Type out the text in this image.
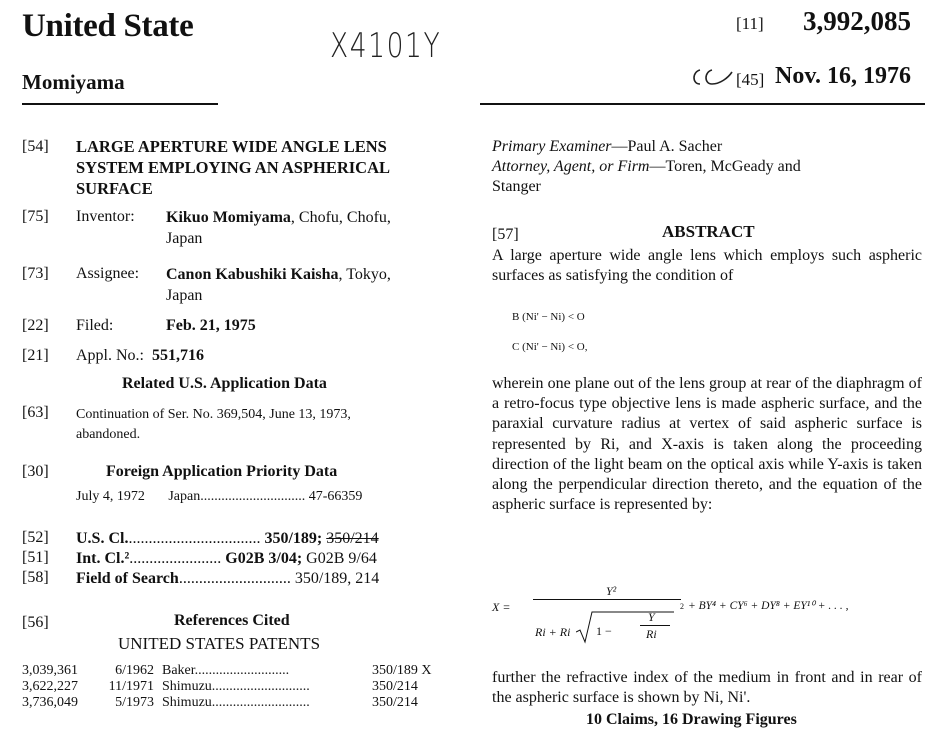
United State
Momiyama
X4101Y
[11] 3,992,085
[45] Nov. 16, 1976
[54] LARGE APERTURE WIDE ANGLE LENS
SYSTEM EMPLOYING AN ASPHERICAL
SURFACE
[75] Inventor: Kikuo Momiyama, Chofu, Chofu,
Japan
[73] Assignee: Canon Kabushiki Kaisha, Tokyo,
Japan
[22] Filed:	Feb. 21, 1975
[21] Appl. No.: 551,716
Related U.S. Application Data
[63] Continuation of Ser. No. 369,504, June 13, 1973,
abandoned.
[30]	Foreign Application Priority Data
July 4, 1972 Japan.............................. 47-66359
[52] U.S. Cl.................................. 350/189; 350/214
[51] Int. Cl.²....................... G02B 3/04; G02B 9/64
[58] Field of Search............................ 350/189, 214
[56]	References Cited
UNITED STATES PATENTS
3,039,361	6/1962	Baker...........................	350/189 X
3,622,227	11/1971	Shimuzu............................	350/214
3,736,049	5/1973	Shimuzu............................	350/214
Primary Examiner—Paul A. Sacher
Attorney, Agent, or Firm—Toren, McGeady and
Stanger
[57]	ABSTRACT
A large aperture wide angle lens which employs such aspheric surfaces as satisfying the condition of
B (Ni' − Ni) < O
C (Ni' − Ni) < O,
wherein one plane out of the lens group at rear of the diaphragm of a retro-focus type objective lens is made aspheric surface, and the paraxial curvature radius at vertex of said aspheric surface is represented by Ri, and X-axis is taken along the proceeding direction of the light beam on the optical axis while Y-axis is taken along the perpendicular direction thereto, and the equation of the aspheric surface is represented by:
X =
Y²
Ri + Ri 1 −
Y
Ri
2 + BY⁴ + CY⁶ + DY⁸ + EY¹⁰ + . . . ,
further the refractive index of the medium in front and in rear of the aspheric surface is shown by Ni, Ni'.
10 Claims, 16 Drawing Figures
